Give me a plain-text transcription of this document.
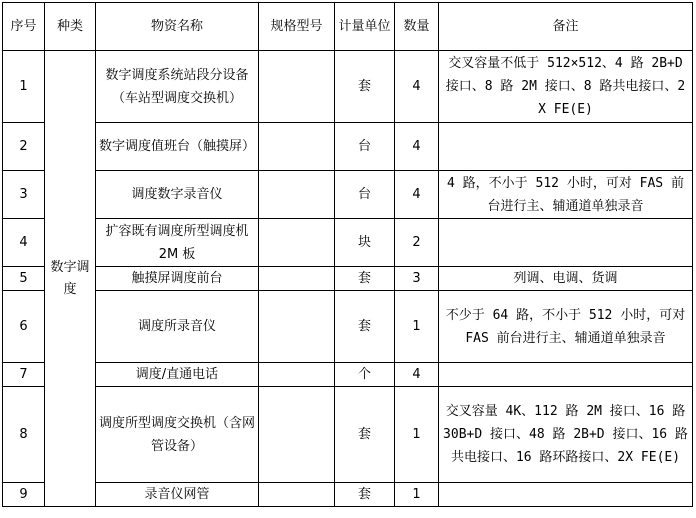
序号	种类	物资名称	规格型号	计量单位	数量	备注
1	数字调度	数字调度系统站段分设备（车站型调度交换机）		套	4	交叉容量不低于 512×512、4 路 2B+D 接口、8 路 2M 接口、8 路共电接口、2 X FE(E)
2		数字调度值班台（触摸屏）		台	4	
3		调度数字录音仪		台	4	4 路，不小于 512 小时，可对 FAS 前台进行主、辅通道单独录音
4		扩容既有调度所型调度机 2M 板		块	2	
5		触摸屏调度前台		套	3	列调、电调、货调
6		调度所录音仪		套	1	不少于 64 路，不小于 512 小时，可对 FAS 前台进行主、辅通道单独录音
7		调度/直通电话		个	4	
8		调度所型调度交换机（含网管设备）		套	1	交叉容量 4K、112 路 2M 接口、16 路 30B+D 接口、48 路 2B+D 接口、16 路共电接口、16 路环路接口、2X FE(E)
9		录音仪网管		套	1	
